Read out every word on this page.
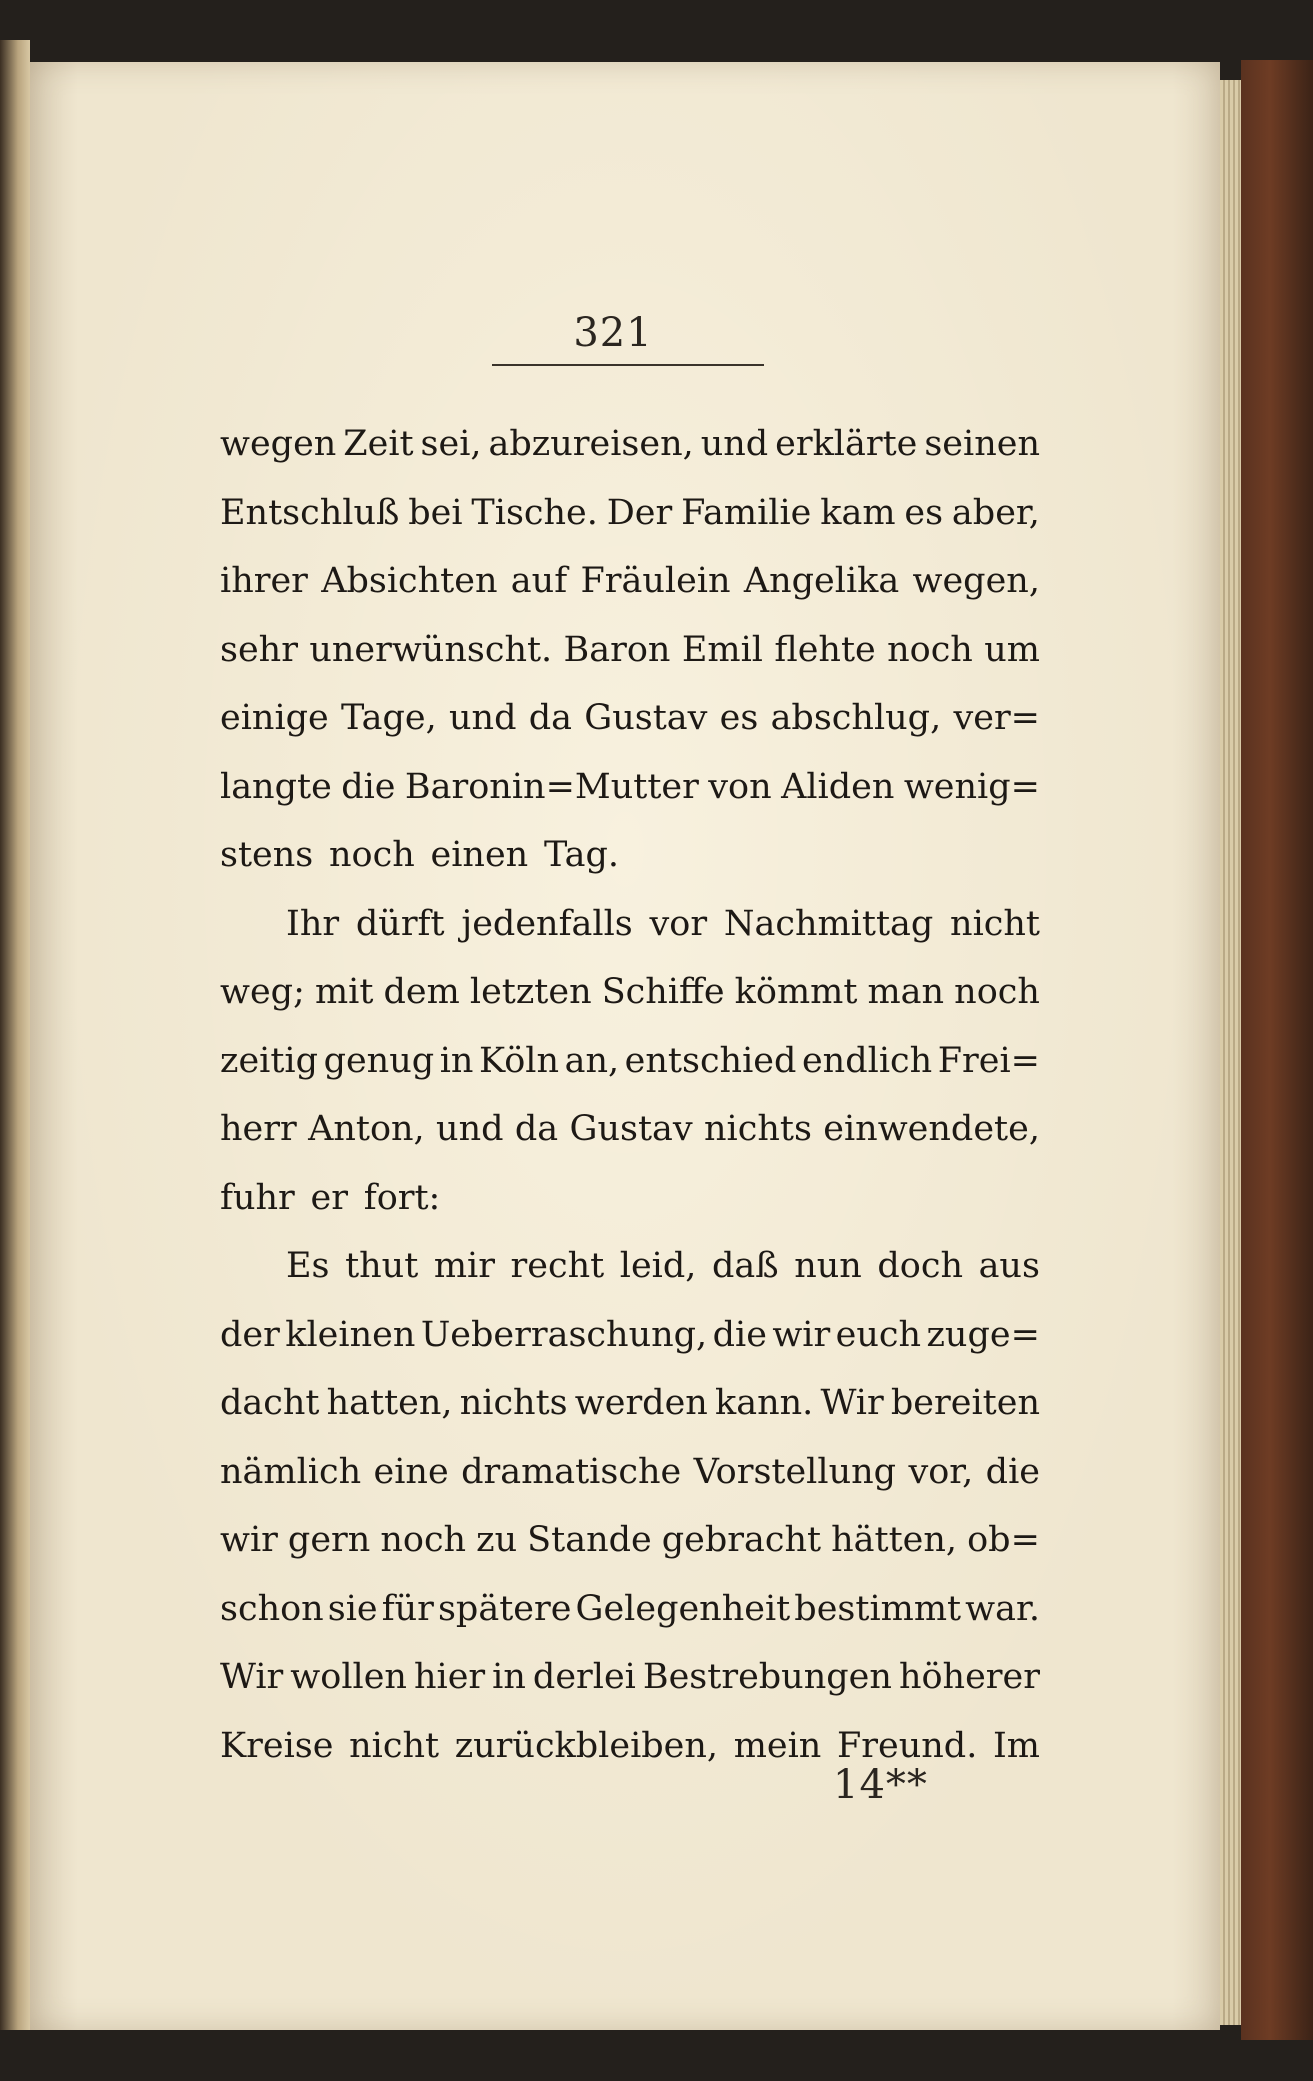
321
wegen Zeit sei, abzureisen, und erklärte seinen
Entschluß bei Tische. Der Familie kam es aber,
ihrer Absichten auf Fräulein Angelika wegen,
sehr unerwünscht. Baron Emil flehte noch um
einige Tage, und da Gustav es abschlug, ver=
langte die Baronin=Mutter von Aliden wenig=
stens noch einen Tag.
Ihr dürft jedenfalls vor Nachmittag nicht
weg; mit dem letzten Schiffe kömmt man noch
zeitig genug in Köln an, entschied endlich Frei=
herr Anton, und da Gustav nichts einwendete,
fuhr er fort:
Es thut mir recht leid, daß nun doch aus
der kleinen Ueberraschung, die wir euch zuge=
dacht hatten, nichts werden kann. Wir bereiten
nämlich eine dramatische Vorstellung vor, die
wir gern noch zu Stande gebracht hätten, ob=
schon sie für spätere Gelegenheit bestimmt war.
Wir wollen hier in derlei Bestrebungen höherer
Kreise nicht zurückbleiben, mein Freund. Im
14**
